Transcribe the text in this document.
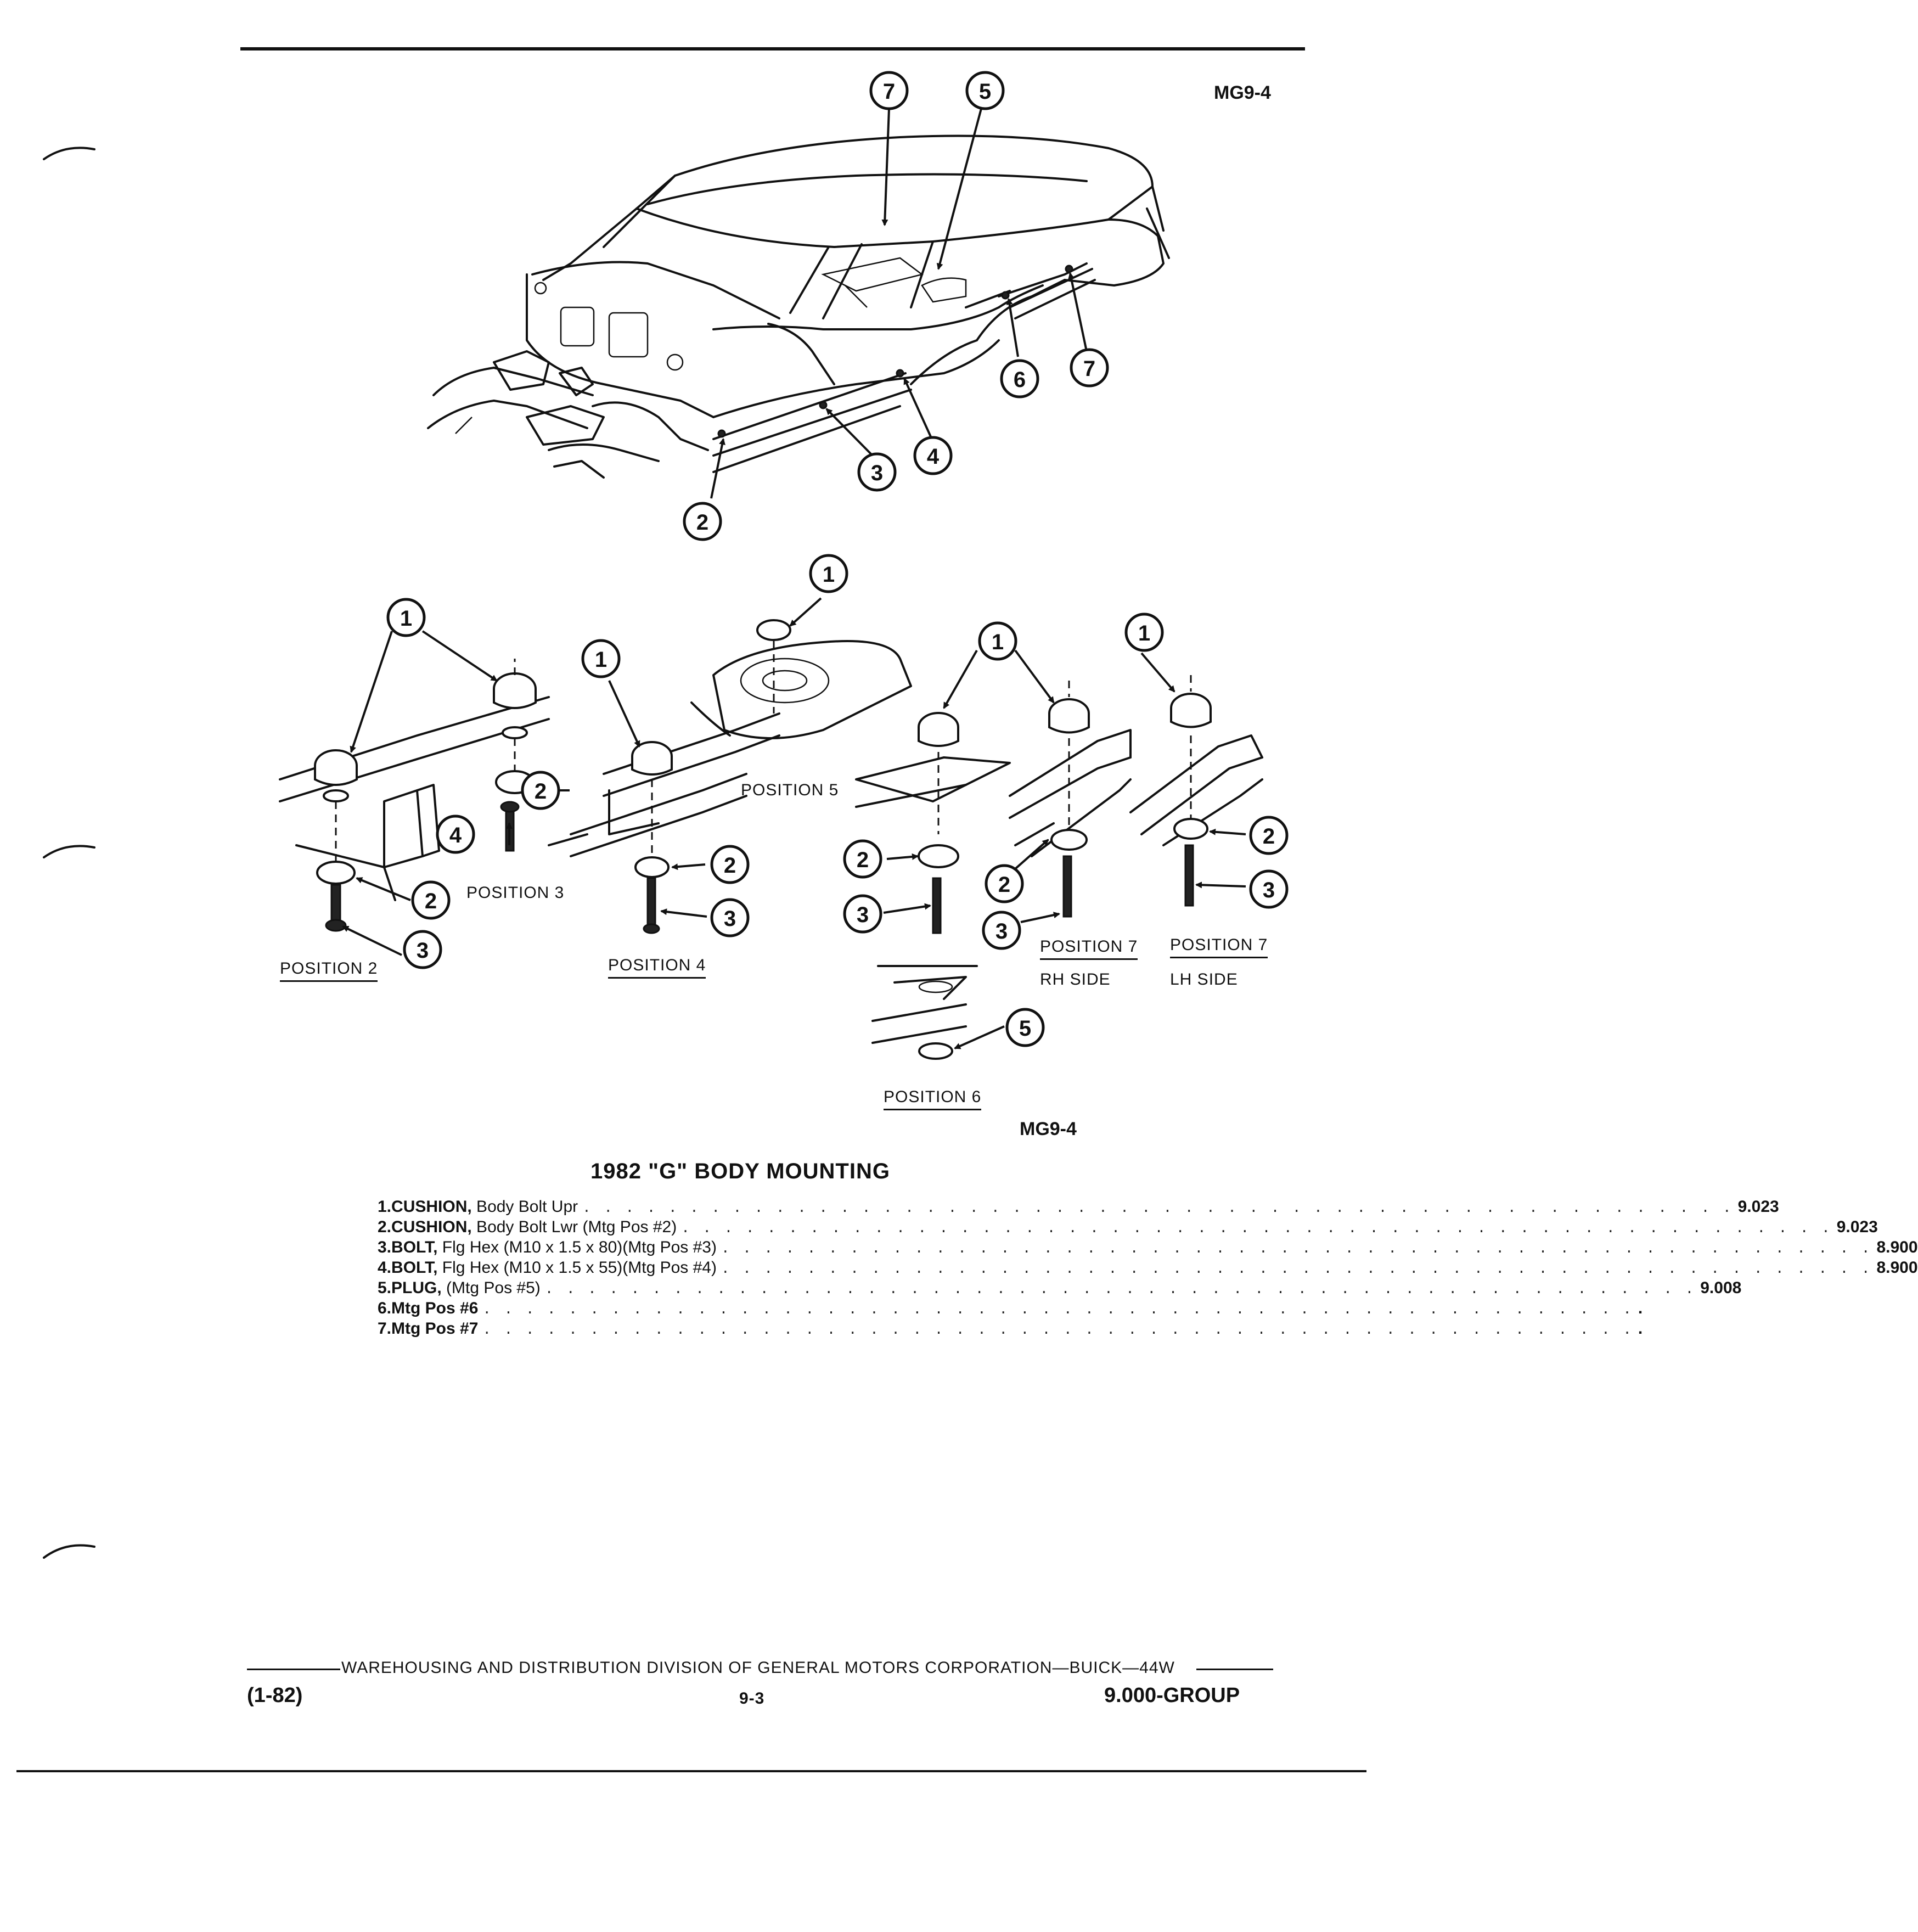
7	5
6	7
4
3
2
1
2
4
2
3
1
2
3
1
1
2
3
2
3
1
2
3
5
MG9-4
MG9-4
POSITION 2
POSITION 3
POSITION 4
POSITION 5
POSITION 6
POSITION 7
RH SIDE
POSITION 7
LH SIDE
1982 "G" BODY MOUNTING
1. CUSHION, Body Bolt Upr . . . . . . . . . . . . . . . . . . . . . . . . . . . . . . . . . . . . . . . . . . . . . . . . . . . . . . 9.023
2. CUSHION, Body Bolt Lwr (Mtg Pos #2) . . . . . . . . . . . . . . . . . . . . . . . . . . . . . . . . . . . . . . . . . . . . . . . . . . . . . . 9.023
3. BOLT, Flg Hex (M10 x 1.5 x 80)(Mtg Pos #3) . . . . . . . . . . . . . . . . . . . . . . . . . . . . . . . . . . . . . . . . . . . . . . . . . . . . . . 8.900
4. BOLT, Flg Hex (M10 x 1.5 x 55)(Mtg Pos #4) . . . . . . . . . . . . . . . . . . . . . . . . . . . . . . . . . . . . . . . . . . . . . . . . . . . . . . 8.900
5. PLUG, (Mtg Pos #5) . . . . . . . . . . . . . . . . . . . . . . . . . . . . . . . . . . . . . . . . . . . . . . . . . . . . . . 9.008
6. Mtg Pos #6 . . . . . . . . . . . . . . . . . . . . . . . . . . . . . . . . . . . . . . . . . . . . . . . . . . . . . . .
7. Mtg Pos #7 . . . . . . . . . . . . . . . . . . . . . . . . . . . . . . . . . . . . . . . . . . . . . . . . . . . . . . .
WAREHOUSING AND DISTRIBUTION DIVISION OF GENERAL MOTORS CORPORATION—BUICK—44W
(1-82)	9-3	9.000-GROUP
